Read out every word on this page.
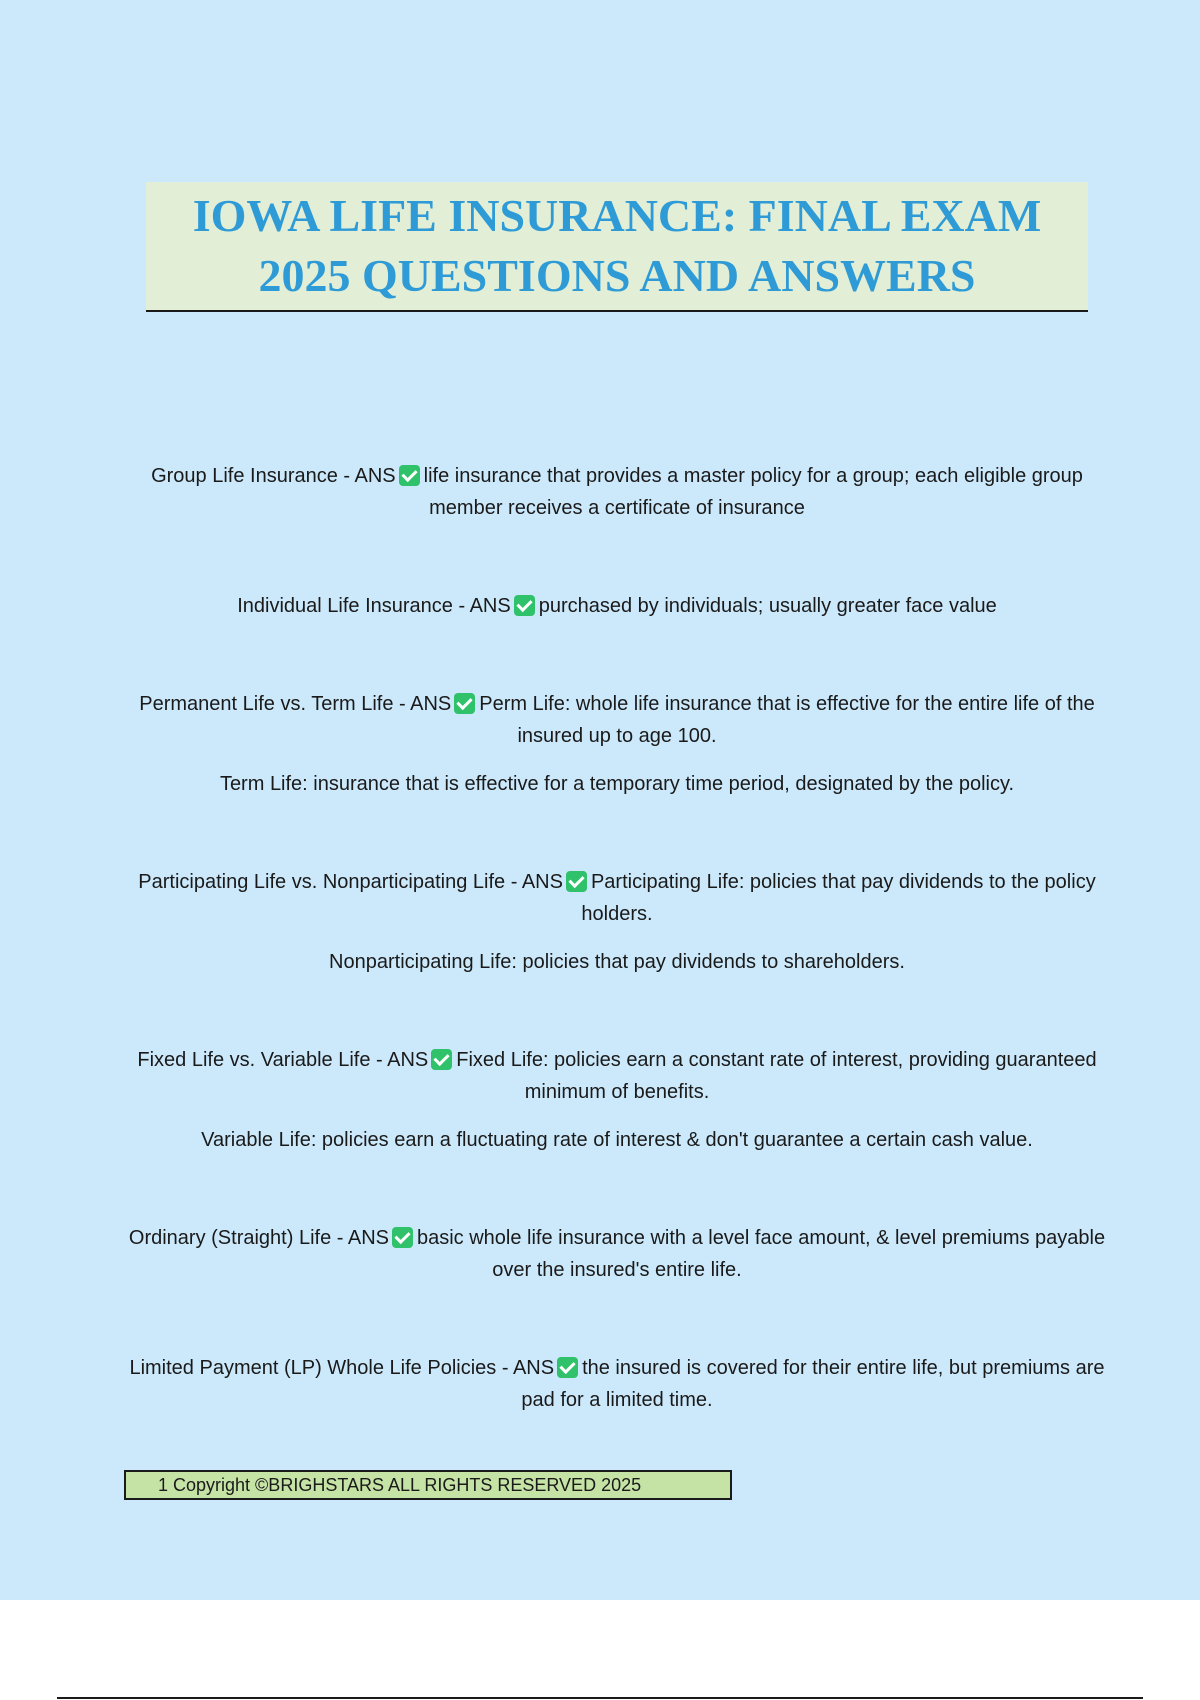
IOWA LIFE INSURANCE: FINAL EXAM
2025 QUESTIONS AND ANSWERS

Group Life Insurance - ANS life insurance that provides a master policy for a group; each eligible group member receives a certificate of insurance

Individual Life Insurance - ANS purchased by individuals; usually greater face value

Permanent Life vs. Term Life - ANS Perm Life: whole life insurance that is effective for the entire life of the insured up to age 100.

Term Life: insurance that is effective for a temporary time period, designated by the policy.

Participating Life vs. Nonparticipating Life - ANS Participating Life: policies that pay dividends to the policy holders.

Nonparticipating Life: policies that pay dividends to shareholders.

Fixed Life vs. Variable Life - ANS Fixed Life: policies earn a constant rate of interest, providing guaranteed minimum of benefits.

Variable Life: policies earn a fluctuating rate of interest & don't guarantee a certain cash value.

Ordinary (Straight) Life - ANS basic whole life insurance with a level face amount, & level premiums payable over the insured's entire life.

Limited Payment (LP) Whole Life Policies - ANS the insured is covered for their entire life, but premiums are pad for a limited time.

1 Copyright ©BRIGHSTARS ALL RIGHTS RESERVED 2025
